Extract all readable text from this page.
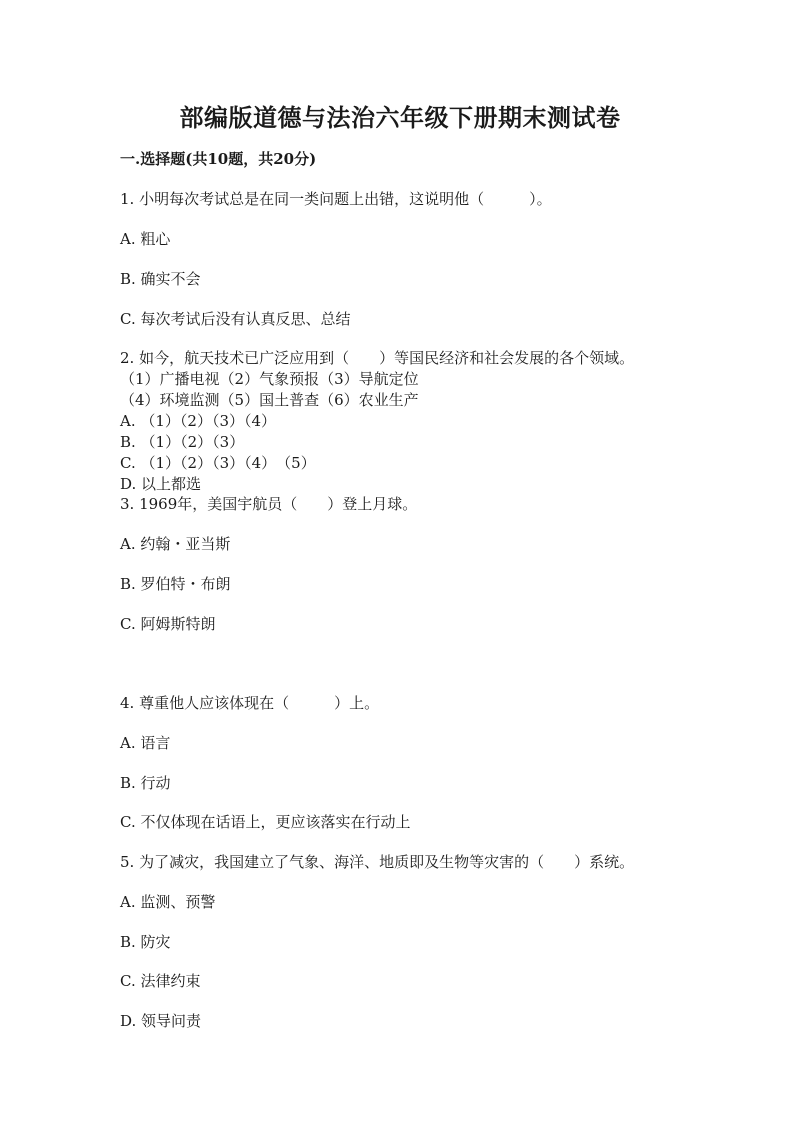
部编版道德与法治六年级下册期末测试卷
一.选择题(共10题，共20分)
1. 小明每次考试总是在同一类问题上出错，这说明他（　　　）。
A. 粗心
B. 确实不会
C. 每次考试后没有认真反思、总结
2. 如今，航天技术已广泛应用到（　　）等国民经济和社会发展的各个领域。
（1）广播电视（2）气象预报（3）导航定位
（4）环境监测（5）国土普查（6）农业生产
A. （1）（2）（3）（4）
B. （1）（2）（3）
C. （1）（2）（3）（4）　（5）
D. 以上都选
3. 1969年，美国宇航员（　　）登上月球。
A. 约翰・亚当斯
B. 罗伯特・布朗
C. 阿姆斯特朗
4. 尊重他人应该体现在（　　　）上。
A. 语言
B. 行动
C. 不仅体现在话语上，更应该落实在行动上
5. 为了减灾，我国建立了气象、海洋、地质即及生物等灾害的（　　）系统。
A. 监测、预警
B. 防灾
C. 法律约束
D. 领导问责
